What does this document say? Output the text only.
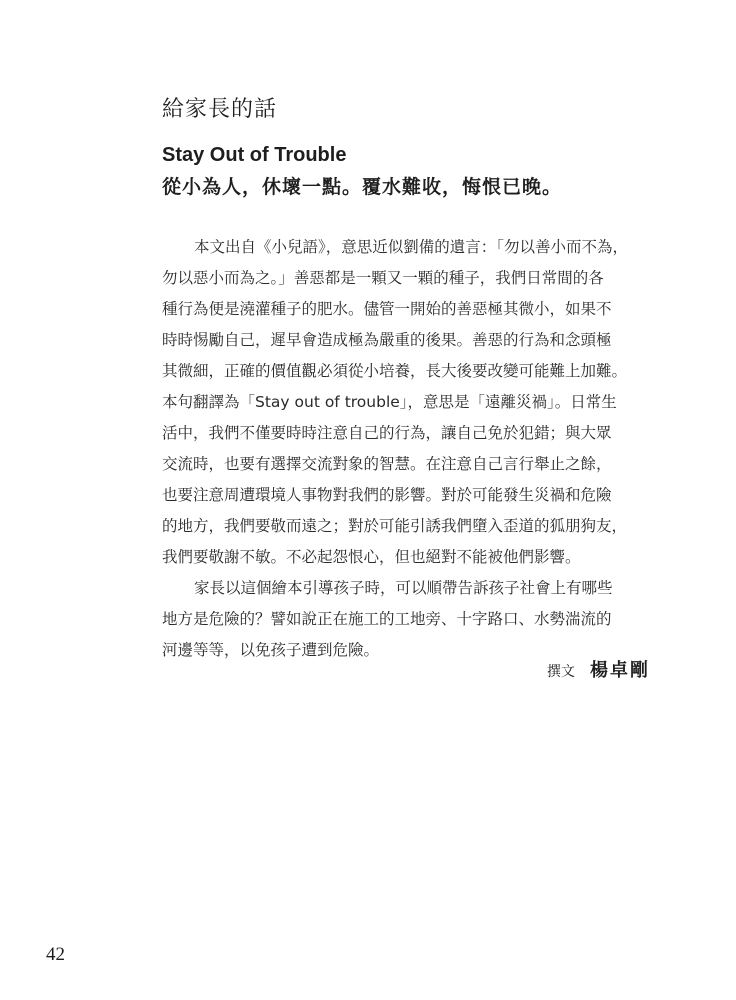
給家長的話
Stay Out of Trouble
從小為人，休壞一點。覆水難收，悔恨已晚。
本文出自《小兒語》，意思近似劉備的遺言：「勿以善小而不為，
勿以惡小而為之。」善惡都是一顆又一顆的種子，我們日常間的各
種行為便是澆灌種子的肥水。儘管一開始的善惡極其微小，如果不
時時惕勵自己，遲早會造成極為嚴重的後果。善惡的行為和念頭極
其微細，正確的價值觀必須從小培養，長大後要改變可能難上加難。
本句翻譯為「Stay out of trouble」，意思是「遠離災禍」。日常生
活中，我們不僅要時時注意自己的行為，讓自己免於犯錯；與大眾
交流時，也要有選擇交流對象的智慧。在注意自己言行舉止之餘，
也要注意周遭環境人事物對我們的影響。對於可能發生災禍和危險
的地方，我們要敬而遠之；對於可能引誘我們墮入歪道的狐朋狗友，
我們要敬謝不敏。不必起怨恨心，但也絕對不能被他們影響。
家長以這個繪本引導孩子時，可以順帶告訴孩子社會上有哪些
地方是危險的？譬如說正在施工的工地旁、十字路口、水勢湍流的
河邊等等，以免孩子遭到危險。
撰文 楊卓剛
42
